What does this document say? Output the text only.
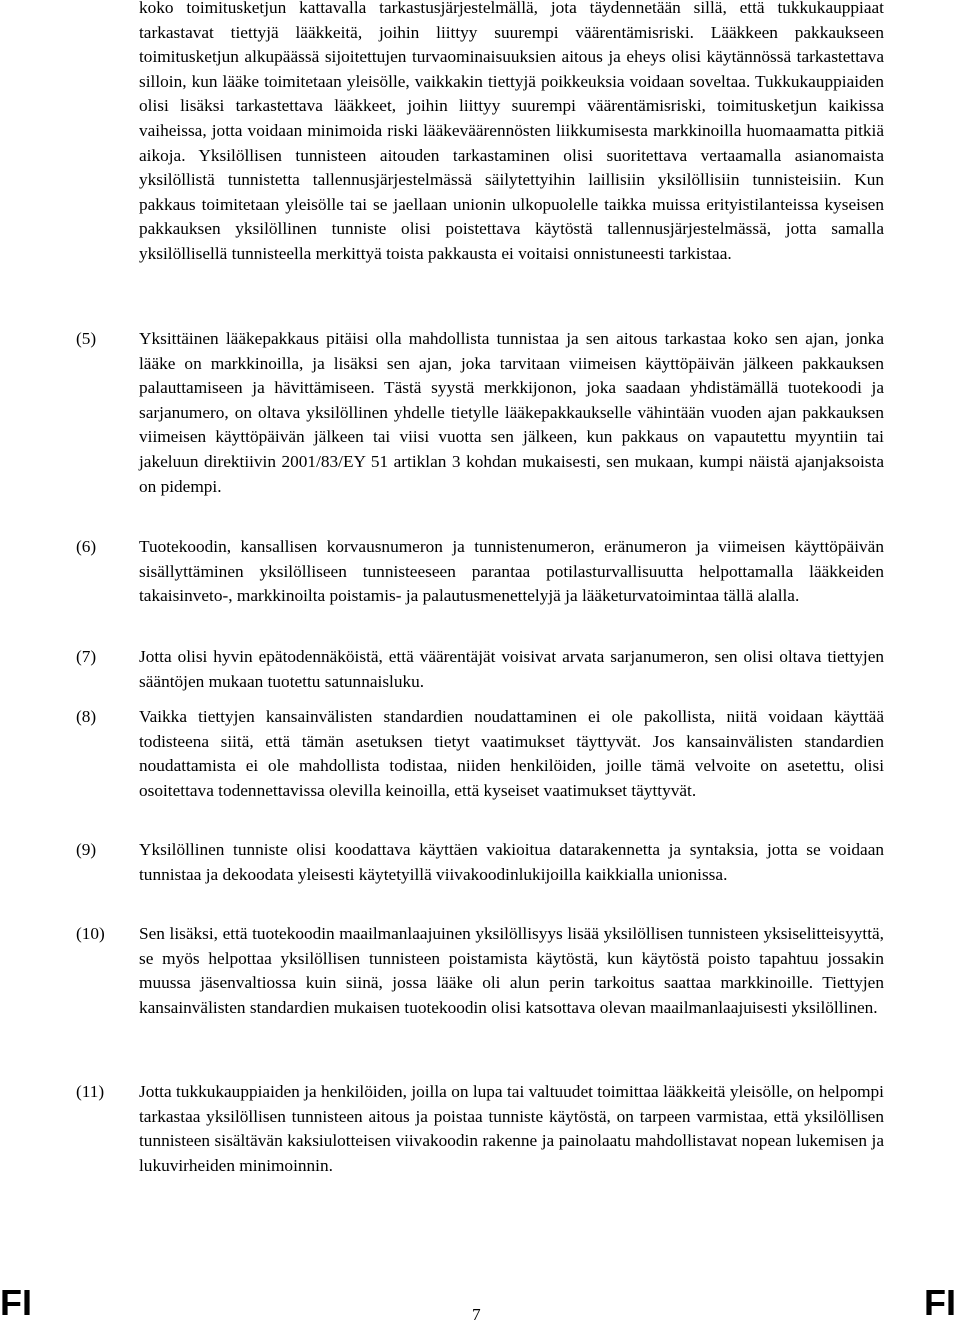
koko toimitusketjun kattavalla tarkastusjärjestelmällä, jota täydennetään sillä, että tukkukauppiaat tarkastavat tiettyjä lääkkeitä, joihin liittyy suurempi väärentämisriski. Lääkkeen pakkaukseen toimitusketjun alkupäässä sijoitettujen turvaominaisuuksien aitous ja eheys olisi käytännössä tarkastettava silloin, kun lääke toimitetaan yleisölle, vaikkakin tiettyjä poikkeuksia voidaan soveltaa. Tukkukauppiaiden olisi lisäksi tarkastettava lääkkeet, joihin liittyy suurempi väärentämisriski, toimitusketjun kaikissa vaiheissa, jotta voidaan minimoida riski lääkeväärennösten liikkumisesta markkinoilla huomaamatta pitkiä aikoja. Yksilöllisen tunnisteen aitouden tarkastaminen olisi suoritettava vertaamalla asianomaista yksilöllistä tunnistetta tallennusjärjestelmässä säilytettyihin laillisiin yksilöllisiin tunnisteisiin. Kun pakkaus toimitetaan yleisölle tai se jaellaan unionin ulkopuolelle taikka muissa erityistilanteissa kyseisen pakkauksen yksilöllinen tunniste olisi poistettava käytöstä tallennusjärjestelmässä, jotta samalla yksilöllisellä tunnisteella merkittyä toista pakkausta ei voitaisi onnistuneesti tarkistaa.

(5)	Yksittäinen lääkepakkaus pitäisi olla mahdollista tunnistaa ja sen aitous tarkastaa koko sen ajan, jonka lääke on markkinoilla, ja lisäksi sen ajan, joka tarvitaan viimeisen käyttöpäivän jälkeen pakkauksen palauttamiseen ja hävittämiseen. Tästä syystä merkkijonon, joka saadaan yhdistämällä tuotekoodi ja sarjanumero, on oltava yksilöllinen yhdelle tietylle lääkepakkaukselle vähintään vuoden ajan pakkauksen viimeisen käyttöpäivän jälkeen tai viisi vuotta sen jälkeen, kun pakkaus on vapautettu myyntiin tai jakeluun direktiivin 2001/83/EY 51 artiklan 3 kohdan mukaisesti, sen mukaan, kumpi näistä ajanjaksoista on pidempi.

(6)	Tuotekoodin, kansallisen korvausnumeron ja tunnistenumeron, eränumeron ja viimeisen käyttöpäivän sisällyttäminen yksilölliseen tunnisteeseen parantaa potilasturvallisuutta helpottamalla lääkkeiden takaisinveto-, markkinoilta poistamis- ja palautusmenettelyjä ja lääketurvatoimintaa tällä alalla.

(7)	Jotta olisi hyvin epätodennäköistä, että väärentäjät voisivat arvata sarjanumeron, sen olisi oltava tiettyjen sääntöjen mukaan tuotettu satunnaisluku.

(8)	Vaikka tiettyjen kansainvälisten standardien noudattaminen ei ole pakollista, niitä voidaan käyttää todisteena siitä, että tämän asetuksen tietyt vaatimukset täyttyvät. Jos kansainvälisten standardien noudattamista ei ole mahdollista todistaa, niiden henkilöiden, joille tämä velvoite on asetettu, olisi osoitettava todennettavissa olevilla keinoilla, että kyseiset vaatimukset täyttyvät.

(9)	Yksilöllinen tunniste olisi koodattava käyttäen vakioitua datarakennetta ja syntaksia, jotta se voidaan tunnistaa ja dekoodata yleisesti käytetyillä viivakoodinlukijoilla kaikkialla unionissa.

(10)	Sen lisäksi, että tuotekoodin maailmanlaajuinen yksilöllisyys lisää yksilöllisen tunnisteen yksiselitteisyyttä, se myös helpottaa yksilöllisen tunnisteen poistamista käytöstä, kun käytöstä poisto tapahtuu jossakin muussa jäsenvaltiossa kuin siinä, jossa lääke oli alun perin tarkoitus saattaa markkinoille. Tiettyjen kansainvälisten standardien mukaisen tuotekoodin olisi katsottava olevan maailmanlaajuisesti yksilöllinen.

(11)	Jotta tukkukauppiaiden ja henkilöiden, joilla on lupa tai valtuudet toimittaa lääkkeitä yleisölle, on helpompi tarkastaa yksilöllisen tunnisteen aitous ja poistaa tunniste käytöstä, on tarpeen varmistaa, että yksilöllisen tunnisteen sisältävän kaksiulotteisen viivakoodin rakenne ja painolaatu mahdollistavat nopean lukemisen ja lukuvirheiden minimoinnin.

FI	7	FI
